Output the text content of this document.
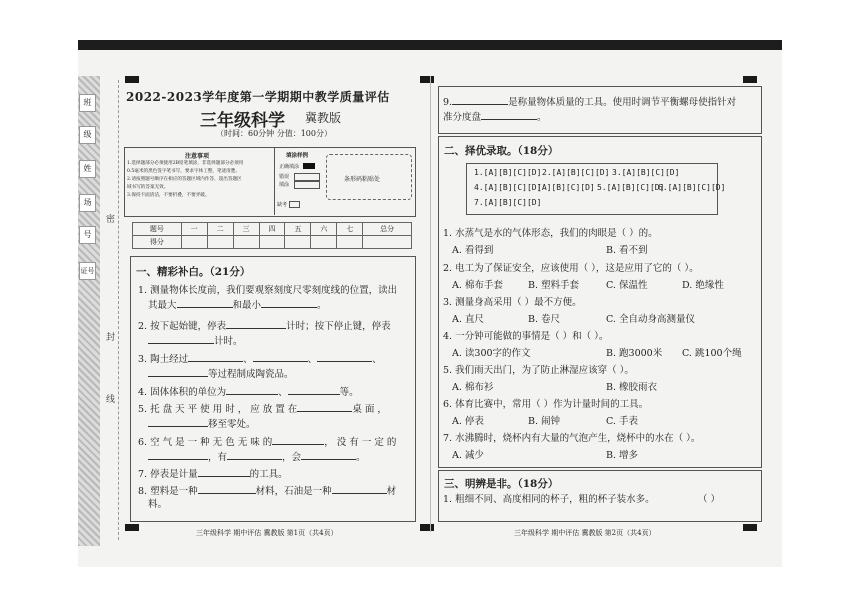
班
级
姓
场
号
证号
密
封
线
2022-2023学年度第一学期期中教学质量评估
三年级科学 冀教版
（时间：60分钟 分值：100分）
注意事项
1.选择题部分必须使用2B铅笔填涂，非选择题部分必须用
0.5毫米的黑色签字笔书写，要求字体工整，笔迹清楚。
2.请按照题号顺序在相应的答题区域内作答，超出答题区
域书写的答案无效。
3.保持卡面清洁，不要折叠，不要弄破。
填涂样例
正确填涂
错误
填涂
缺考
条形码粘贴处
题号	一	二	三	四	五	六	七	总分
得分								
一、精彩补白。（21分）
1. 测量物体长度前，我们要观察刻度尺零刻度线的位置，读出
其最大	和最小	。
2. 按下起始键，停表	计时；按下停止键，停表
计时。
3. 陶土经过	、	、	、
等过程制成陶瓷品。
4. 固体体积的单位为	、	等。
5. 托 盘 天 平 使 用 时 ， 应 放 置 在	桌 面 ，
移至零处。
6. 空 气 是 一 种 无 色 无 味 的	， 没 有 一 定 的
，有	，会	。
7. 停表是计量	的工具。
8. 塑料是一种	材料，石油是一种	材
料。
9.	是称量物体质量的工具。使用时调节平衡螺母使指针对
准分度盘	。
二、择优录取。（18分）
1.[A][B][C][D] 2.[A][B][C][D] 3.[A][B][C][D]
4.[A][B][C][D]
[A][B][C][D] 5.[A][B][C][D]
6.[A][B][C][D]
7.[A][B][C][D]
1. 水蒸气是水的气体形态，我们的肉眼是（ ）的。
A. 看得到	B. 看不到
2. 电工为了保证安全，应该使用（ ），这是应用了它的（ ）。
A. 棉布手套	B. 塑料手套	C. 保温性	D. 绝缘性
3. 测量身高采用（ ）最不方便。
A. 直尺	B. 卷尺	C. 全自动身高测量仪
4. 一分钟可能做的事情是（ ）和（ ）。
A. 读300字的作文	B. 跑3000米 C. 跳100个绳
5. 我们雨天出门，为了防止淋湿应该穿（ ）。
A. 棉布衫	B. 橡胶雨衣
6. 体育比赛中，常用（ ）作为计量时间的工具。
A. 停表	B. 闹钟	C. 手表
7. 水沸腾时，烧杯内有大量的气泡产生，烧杯中的水在（ ）。
A. 减少	B. 增多
三、明辨是非。（18分）
1. 粗细不同、高度相同的杯子，粗的杯子装水多。	（ ）
三年级科学 期中评估 冀教版 第1页（共4页）	三年级科学 期中评估 冀教版 第2页（共4页）
